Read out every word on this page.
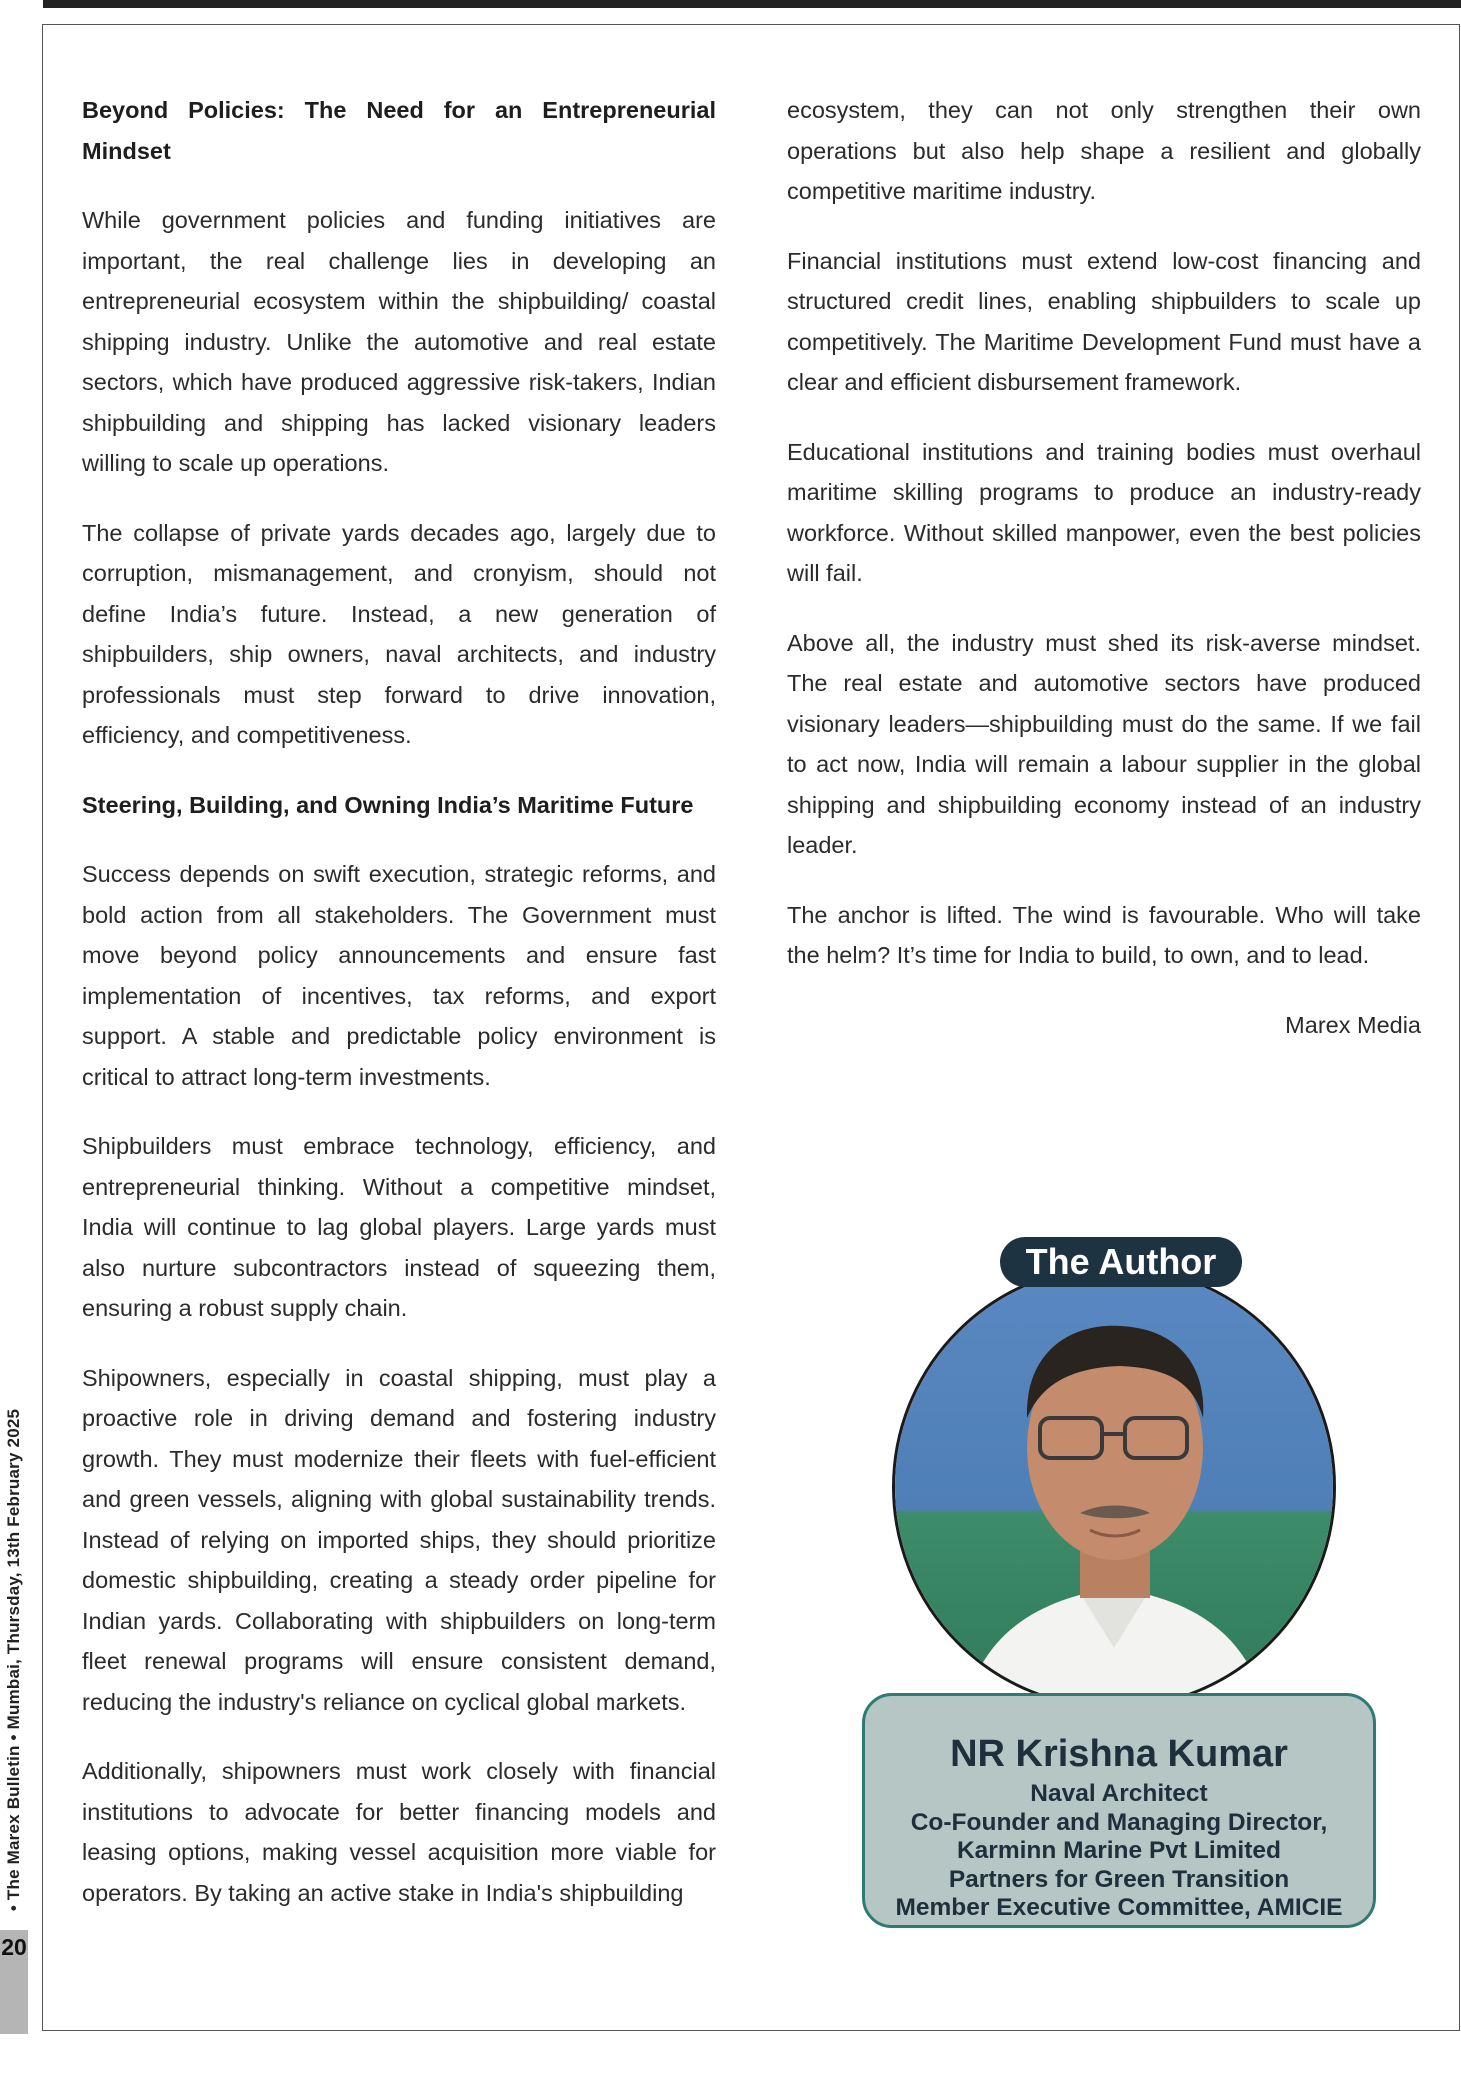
Beyond Policies: The Need for an Entrepreneurial Mindset

While government policies and funding initiatives are important, the real challenge lies in developing an entrepreneurial ecosystem within the shipbuilding/ coastal shipping industry. Unlike the automotive and real estate sectors, which have produced aggressive risk-takers, Indian shipbuilding and shipping has lacked visionary leaders willing to scale up operations.

The collapse of private yards decades ago, largely due to corruption, mismanagement, and cronyism, should not define India’s future. Instead, a new generation of shipbuilders, ship owners, naval architects, and industry professionals must step forward to drive innovation, efficiency, and competitiveness.

Steering, Building, and Owning India’s Maritime Future

Success depends on swift execution, strategic reforms, and bold action from all stakeholders. The Government must move beyond policy announcements and ensure fast implementation of incentives, tax reforms, and export support. A stable and predictable policy environment is critical to attract long-term investments.

Shipbuilders must embrace technology, efficiency, and entrepreneurial thinking. Without a competitive mindset, India will continue to lag global players. Large yards must also nurture subcontractors instead of squeezing them, ensuring a robust supply chain.

Shipowners, especially in coastal shipping, must play a proactive role in driving demand and fostering industry growth. They must modernize their fleets with fuel-efficient and green vessels, aligning with global sustainability trends. Instead of relying on imported ships, they should prioritize domestic shipbuilding, creating a steady order pipeline for Indian yards. Collaborating with shipbuilders on long-term fleet renewal programs will ensure consistent demand, reducing the industry's reliance on cyclical global markets.

Additionally, shipowners must work closely with financial institutions to advocate for better financing models and leasing options, making vessel acquisition more viable for operators. By taking an active stake in India's shipbuilding

ecosystem, they can not only strengthen their own operations but also help shape a resilient and globally competitive maritime industry.

Financial institutions must extend low-cost financing and structured credit lines, enabling shipbuilders to scale up competitively. The Maritime Development Fund must have a clear and efficient disbursement framework.

Educational institutions and training bodies must overhaul maritime skilling programs to produce an industry-ready workforce. Without skilled manpower, even the best policies will fail.

Above all, the industry must shed its risk-averse mindset. The real estate and automotive sectors have produced visionary leaders—shipbuilding must do the same. If we fail to act now, India will remain a labour supplier in the global shipping and shipbuilding economy instead of an industry leader.

The anchor is lifted. The wind is favourable. Who will take the helm? It’s time for India to build, to own, and to lead.

Marex Media

The Author
NR Krishna Kumar
Naval Architect
Co-Founder and Managing Director,
Karminn Marine Pvt Limited
Partners for Green Transition
Member Executive Committee, AMICIE
• The Marex Bulletin • Mumbai, Thursday, 13th February 2025
20
